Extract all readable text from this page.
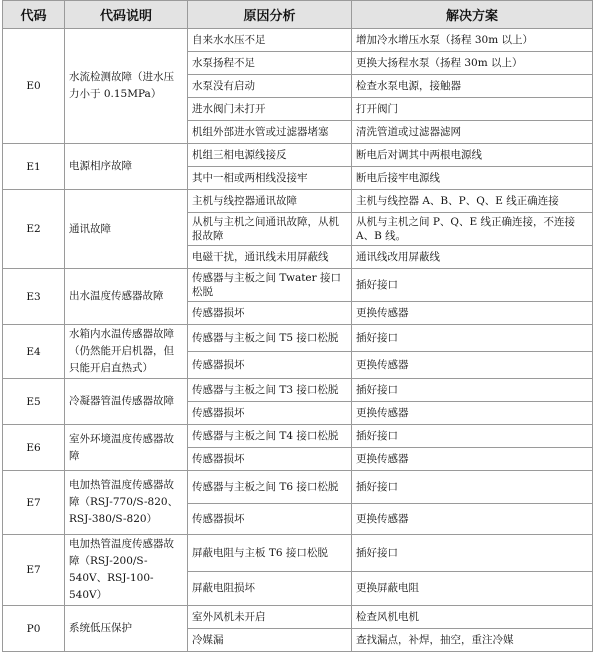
代码	代码说明	原因分析	解决方案
E0	水流检测故障（进水压力小于 0.15MPa）	自来水水压不足	增加冷水增压水泵（扬程 30m 以上）
		水泵扬程不足	更换大扬程水泵（扬程 30m 以上）
		水泵没有启动	检查水泵电源，接触器
		进水阀门未打开	打开阀门
		机组外部进水管或过滤器堵塞	清洗管道或过滤器滤网
E1	电源相序故障	机组三相电源线接反	断电后对调其中两根电源线
		其中一相或两相线没接牢	断电后接牢电源线
E2	通讯故障	主机与线控器通讯故障	主机与线控器 A、B、P、Q、E 线正确连接
		从机与主机之间通讯故障，从机报故障	从机与主机之间 P、Q、E 线正确连接，不连接 A、B 线。
		电磁干扰，通讯线未用屏蔽线	通讯线改用屏蔽线
E3	出水温度传感器故障	传感器与主板之间 Twater 接口松脱	插好接口
		传感器损坏	更换传感器
E4	水箱内水温传感器故障（仍然能开启机器，但只能开启直热式）	传感器与主板之间 T5 接口松脱	插好接口
		传感器损坏	更换传感器
E5	冷凝器管温传感器故障	传感器与主板之间 T3 接口松脱	插好接口
		传感器损坏	更换传感器
E6	室外环境温度传感器故障	传感器与主板之间 T4 接口松脱	插好接口
		传感器损坏	更换传感器
E7	电加热管温度传感器故障（RSJ-770/S-820、RSJ-380/S-820）	传感器与主板之间 T6 接口松脱	插好接口
		传感器损坏	更换传感器
E7	电加热管温度传感器故障（RSJ-200/S-540V、RSJ-100-540V）	屏蔽电阻与主板 T6 接口松脱	插好接口
		屏蔽电阻损坏	更换屏蔽电阻
P0	系统低压保护	室外风机未开启	检查风机电机
		冷媒漏	查找漏点，补焊，抽空，重注冷媒
